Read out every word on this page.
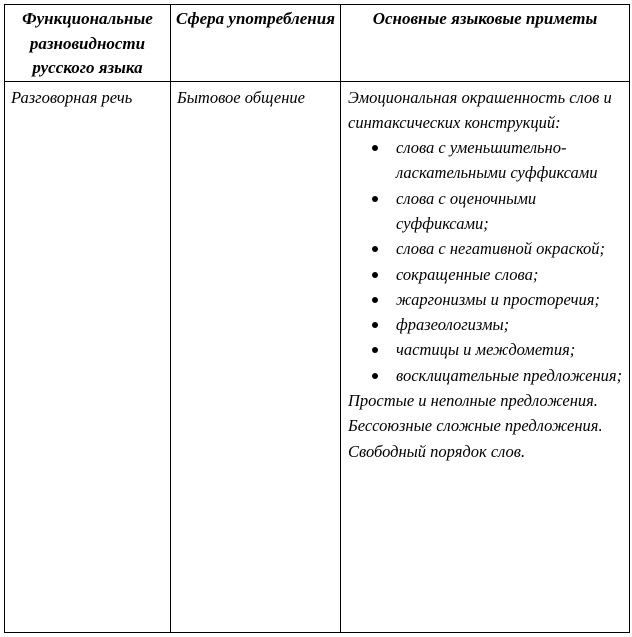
Функциональные разновидности русского языка	Сфера употребления	Основные языковые приметы
Разговорная речь	Бытовое общение	Эмоциональная окрашенность слов и синтаксических конструкций:
слова с уменьшительно-ласкательными суффиксами
слова с оценочными суффиксами;
слова с негативной окраской;
сокращенные слова;
жаргонизмы и просторечия;
фразеологизмы;
частицы и междометия;
восклицательные предложения;
Простые и неполные предложения.
Бессоюзные сложные предложения.
Свободный порядок слов.
